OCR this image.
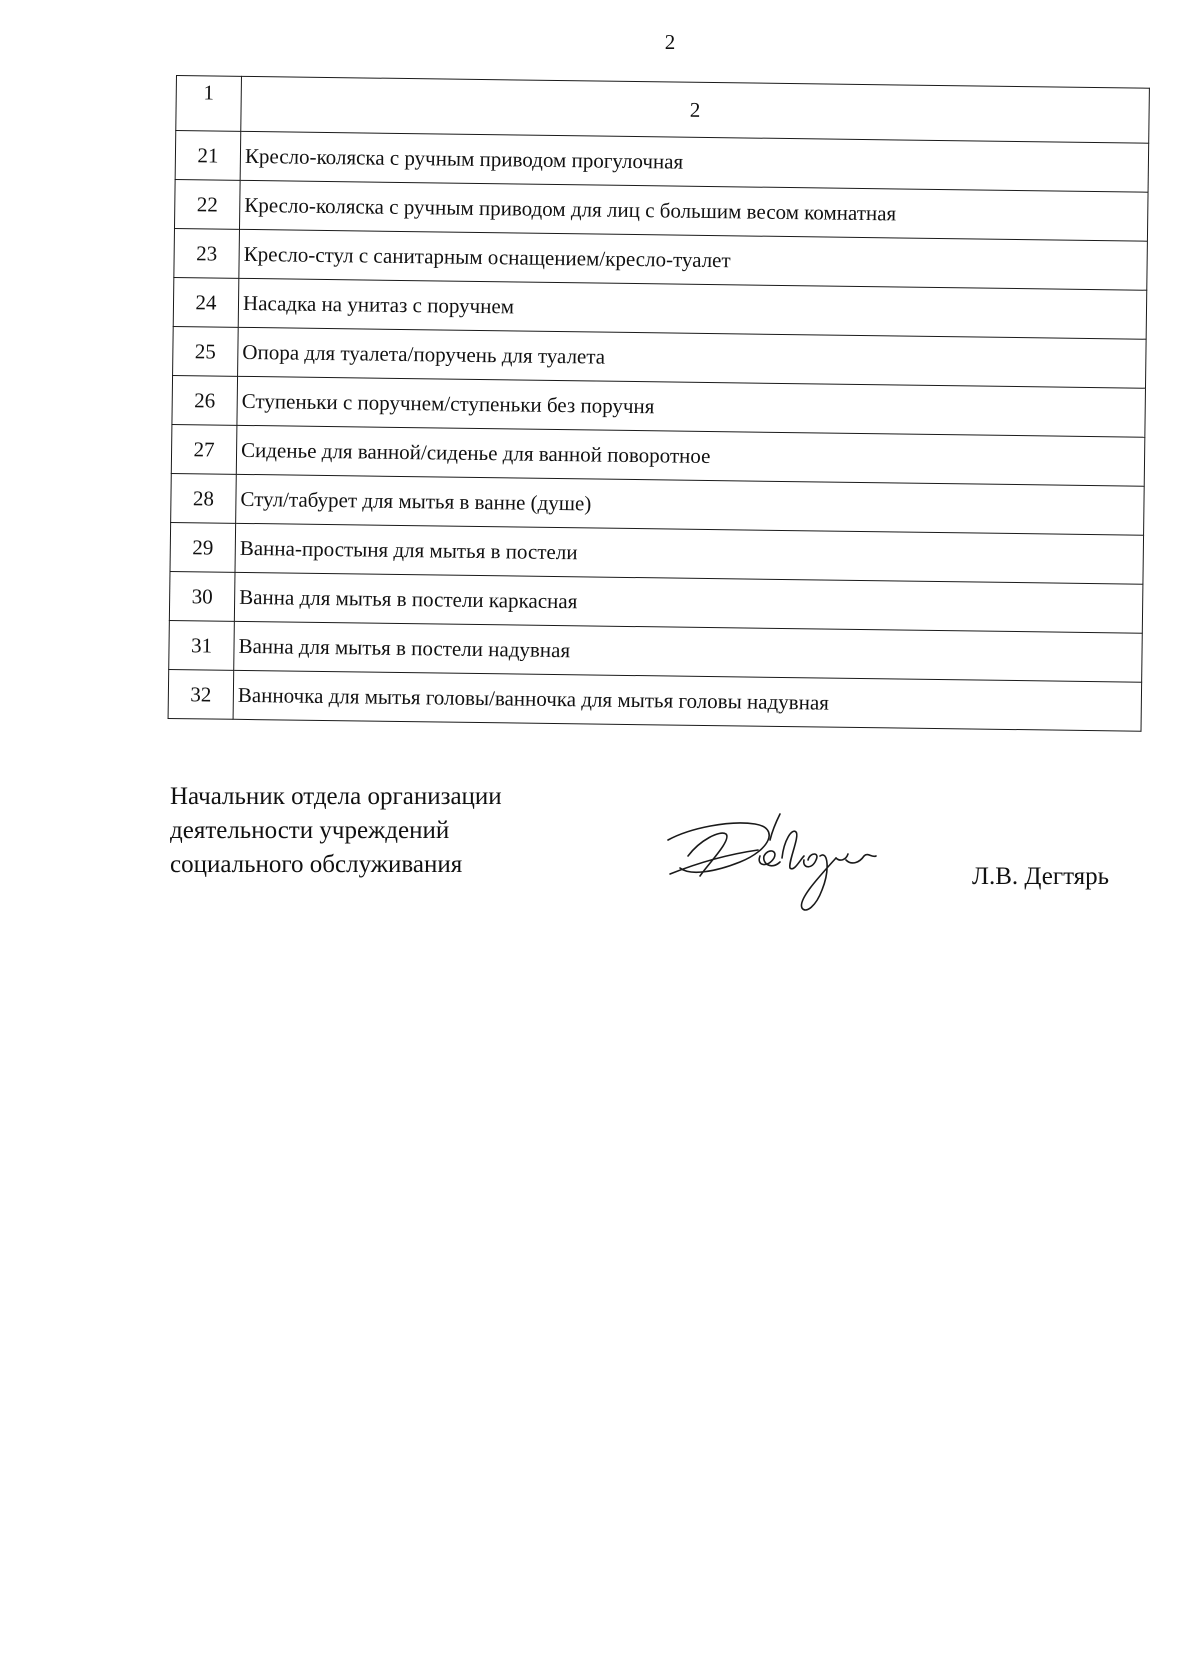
2
1	2
21	Кресло-коляска с ручным приводом прогулочная
22	Кресло-коляска с ручным приводом для лиц с большим весом комнатная
23	Кресло-стул с санитарным оснащением/кресло-туалет
24	Насадка на унитаз с поручнем
25	Опора для туалета/поручень для туалета
26	Ступеньки с поручнем/ступеньки без поручня
27	Сиденье для ванной/сиденье для ванной поворотное
28	Стул/табурет для мытья в ванне (душе)
29	Ванна-простыня для мытья в постели
30	Ванна для мытья в постели каркасная
31	Ванна для мытья в постели надувная
32	Ванночка для мытья головы/ванночка для мытья головы надувная
Начальник отдела организации
деятельности учреждений
социального обслуживания	Л.В. Дегтярь
